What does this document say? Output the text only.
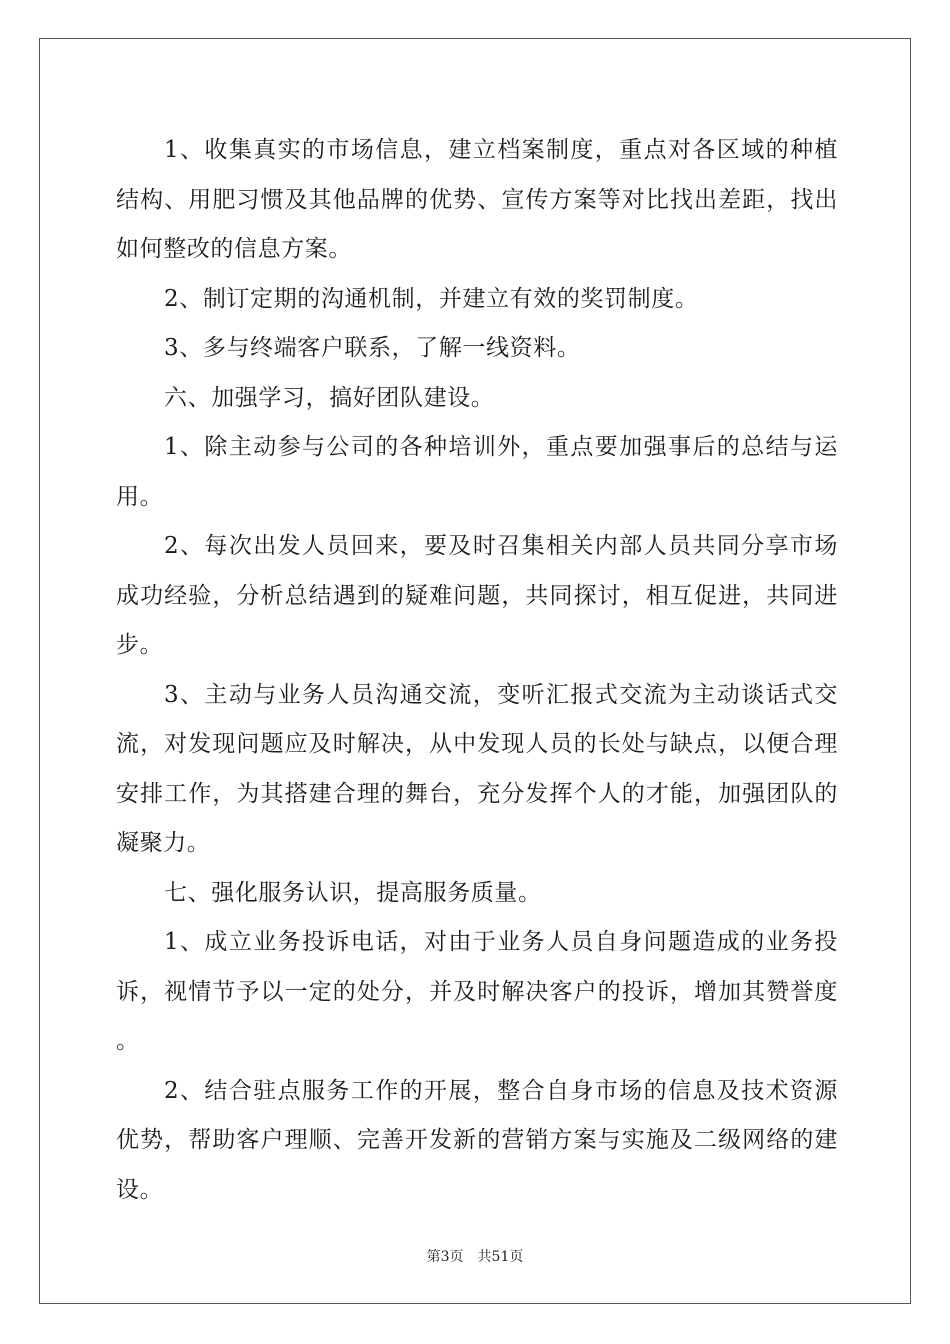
1、收集真实的市场信息，建立档案制度，重点对各区域的种植结构、用肥习惯及其他品牌的优势、宣传方案等对比找出差距，找出如何整改的信息方案。

2、制订定期的沟通机制，并建立有效的奖罚制度。

3、多与终端客户联系，了解一线资料。

六、加强学习，搞好团队建设。

1、除主动参与公司的各种培训外，重点要加强事后的总结与运用。

2、每次出发人员回来，要及时召集相关内部人员共同分享市场成功经验，分析总结遇到的疑难问题，共同探讨，相互促进，共同进步。

3、主动与业务人员沟通交流，变听汇报式交流为主动谈话式交流，对发现问题应及时解决，从中发现人员的长处与缺点，以便合理安排工作，为其搭建合理的舞台，充分发挥个人的才能，加强团队的凝聚力。

七、强化服务认识，提高服务质量。

1、成立业务投诉电话，对由于业务人员自身问题造成的业务投诉，视情节予以一定的处分，并及时解决客户的投诉，增加其赞誉度。

2、结合驻点服务工作的开展，整合自身市场的信息及技术资源优势，帮助客户理顺、完善开发新的营销方案与实施及二级网络的建设。

第3页 共51页
